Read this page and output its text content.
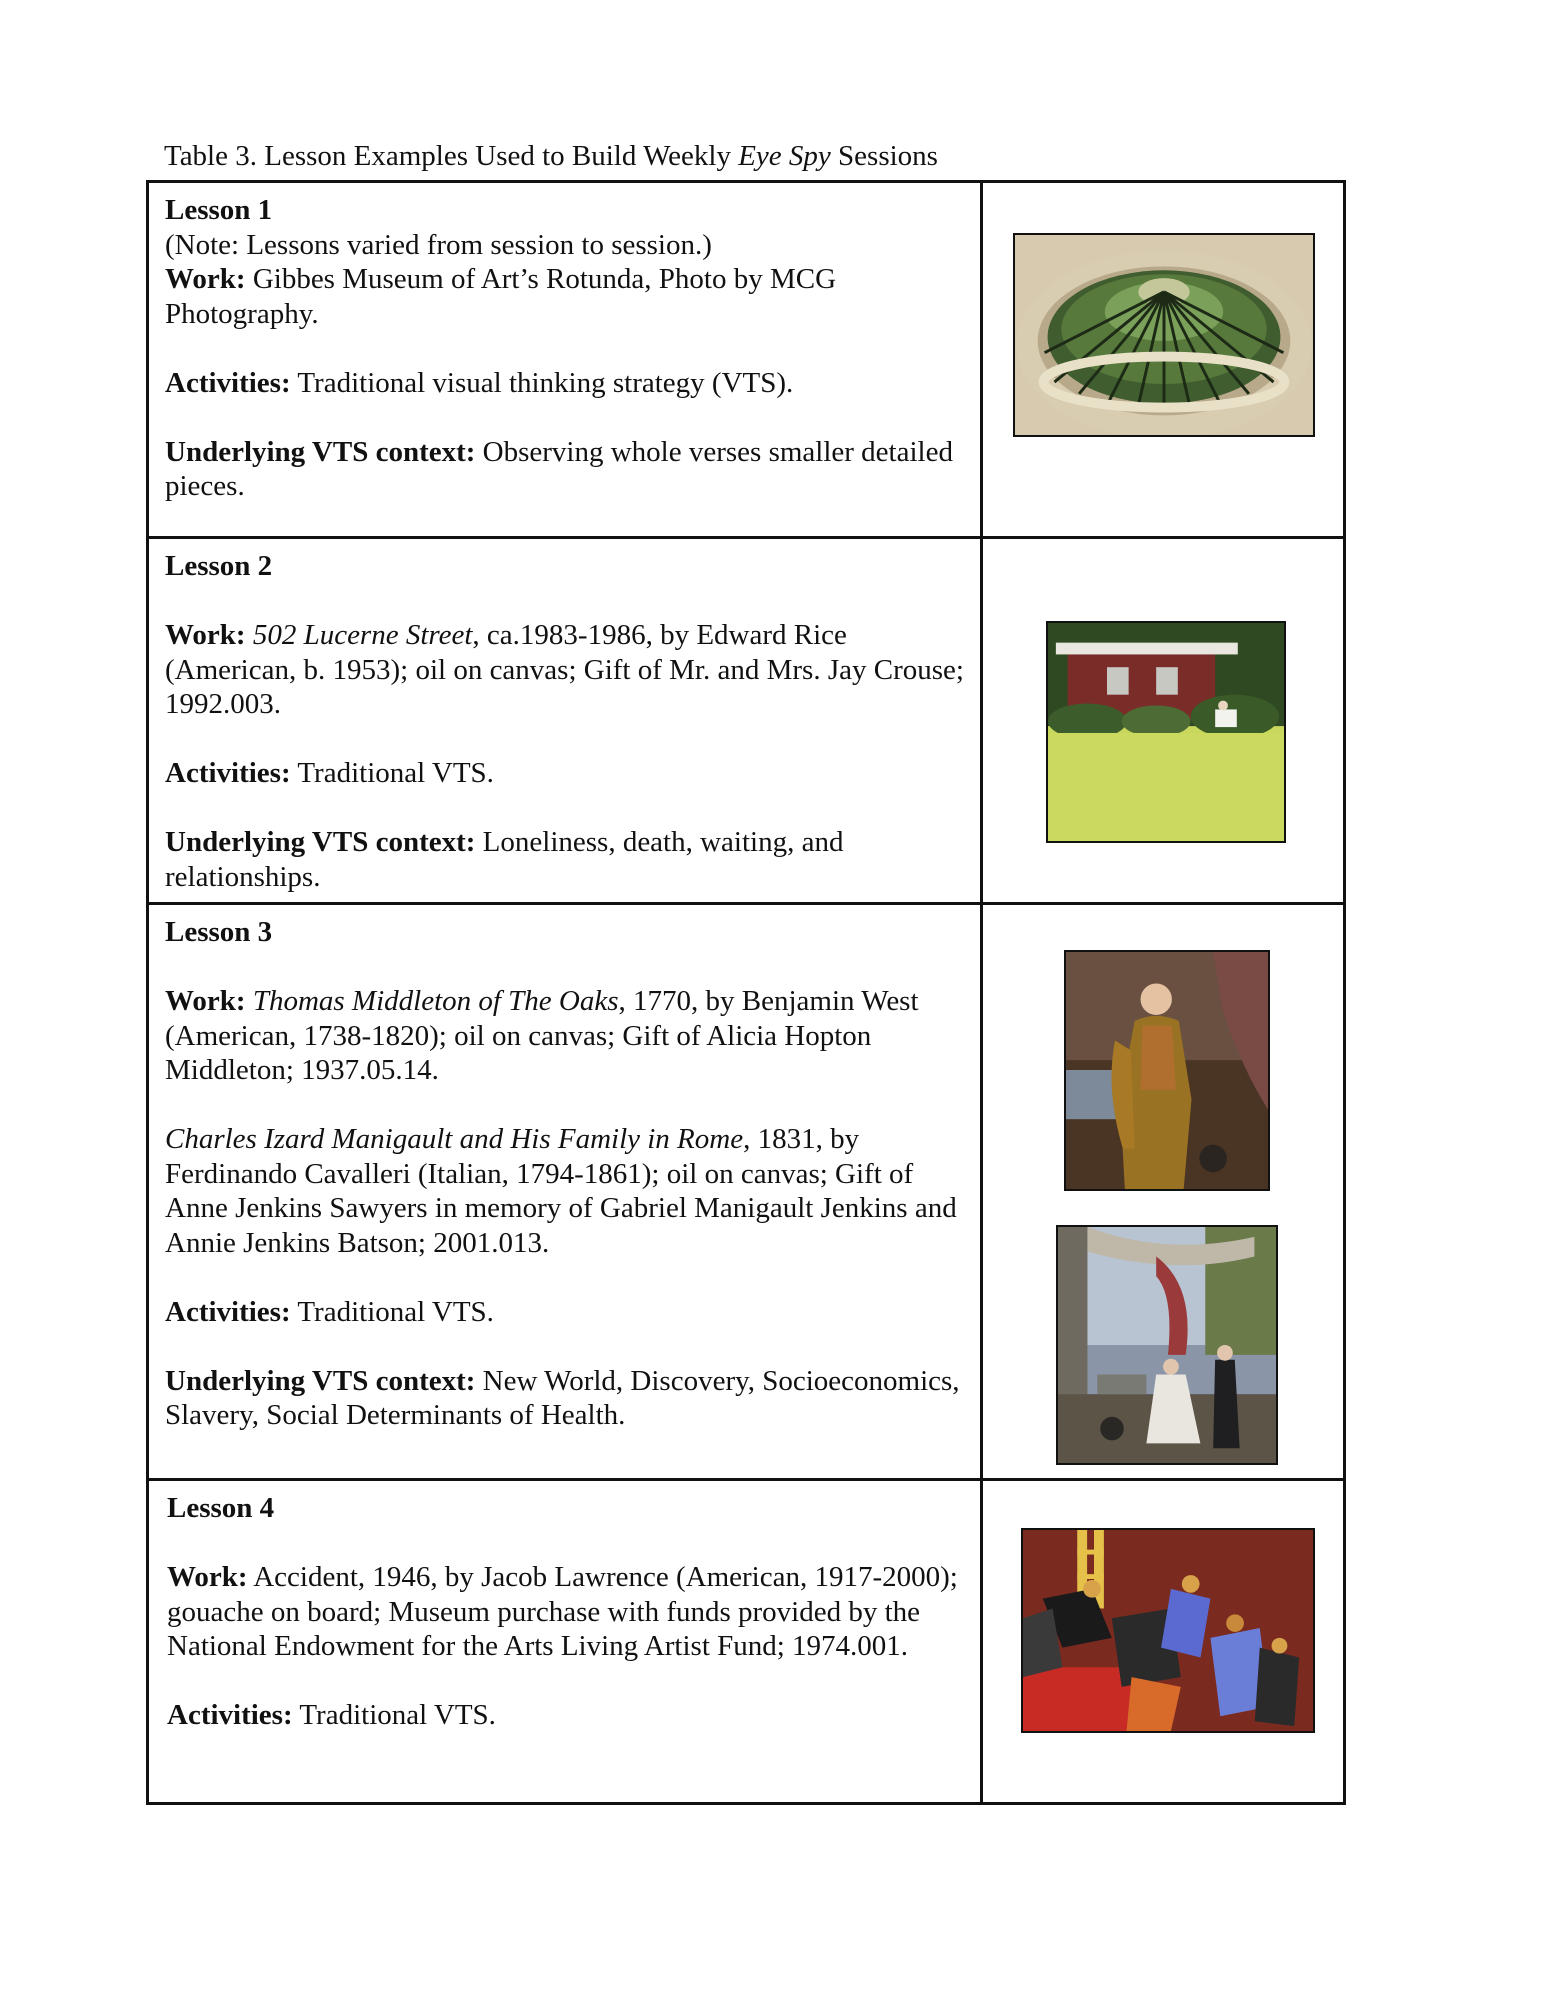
Table 3. Lesson Examples Used to Build Weekly Eye Spy Sessions

Lesson 1

(Note: Lessons varied from session to session.)

Work: Gibbes Museum of Art’s Rotunda, Photo by MCG Photography.

Activities: Traditional visual thinking strategy (VTS).

Underlying VTS context: Observing whole verses smaller detailed pieces.

Lesson 2

Work: 502 Lucerne Street, ca.1983-1986, by Edward Rice (American, b. 1953); oil on canvas; Gift of Mr. and Mrs. Jay Crouse; 1992.003.

Activities: Traditional VTS.

Underlying VTS context: Loneliness, death, waiting, and relationships.

Lesson 3

Work: Thomas Middleton of The Oaks, 1770, by Benjamin West (American, 1738-1820); oil on canvas; Gift of Alicia Hopton Middleton; 1937.05.14.

Charles Izard Manigault and His Family in Rome, 1831, by Ferdinando Cavalleri (Italian, 1794-1861); oil on canvas; Gift of Anne Jenkins Sawyers in memory of Gabriel Manigault Jenkins and Annie Jenkins Batson; 2001.013.

Activities: Traditional VTS.

Underlying VTS context: New World, Discovery, Socioeconomics, Slavery, Social Determinants of Health.

Lesson 4

Work: Accident, 1946, by Jacob Lawrence (American, 1917-2000); gouache on board; Museum purchase with funds provided by the National Endowment for the Arts Living Artist Fund; 1974.001.

Activities: Traditional VTS.
